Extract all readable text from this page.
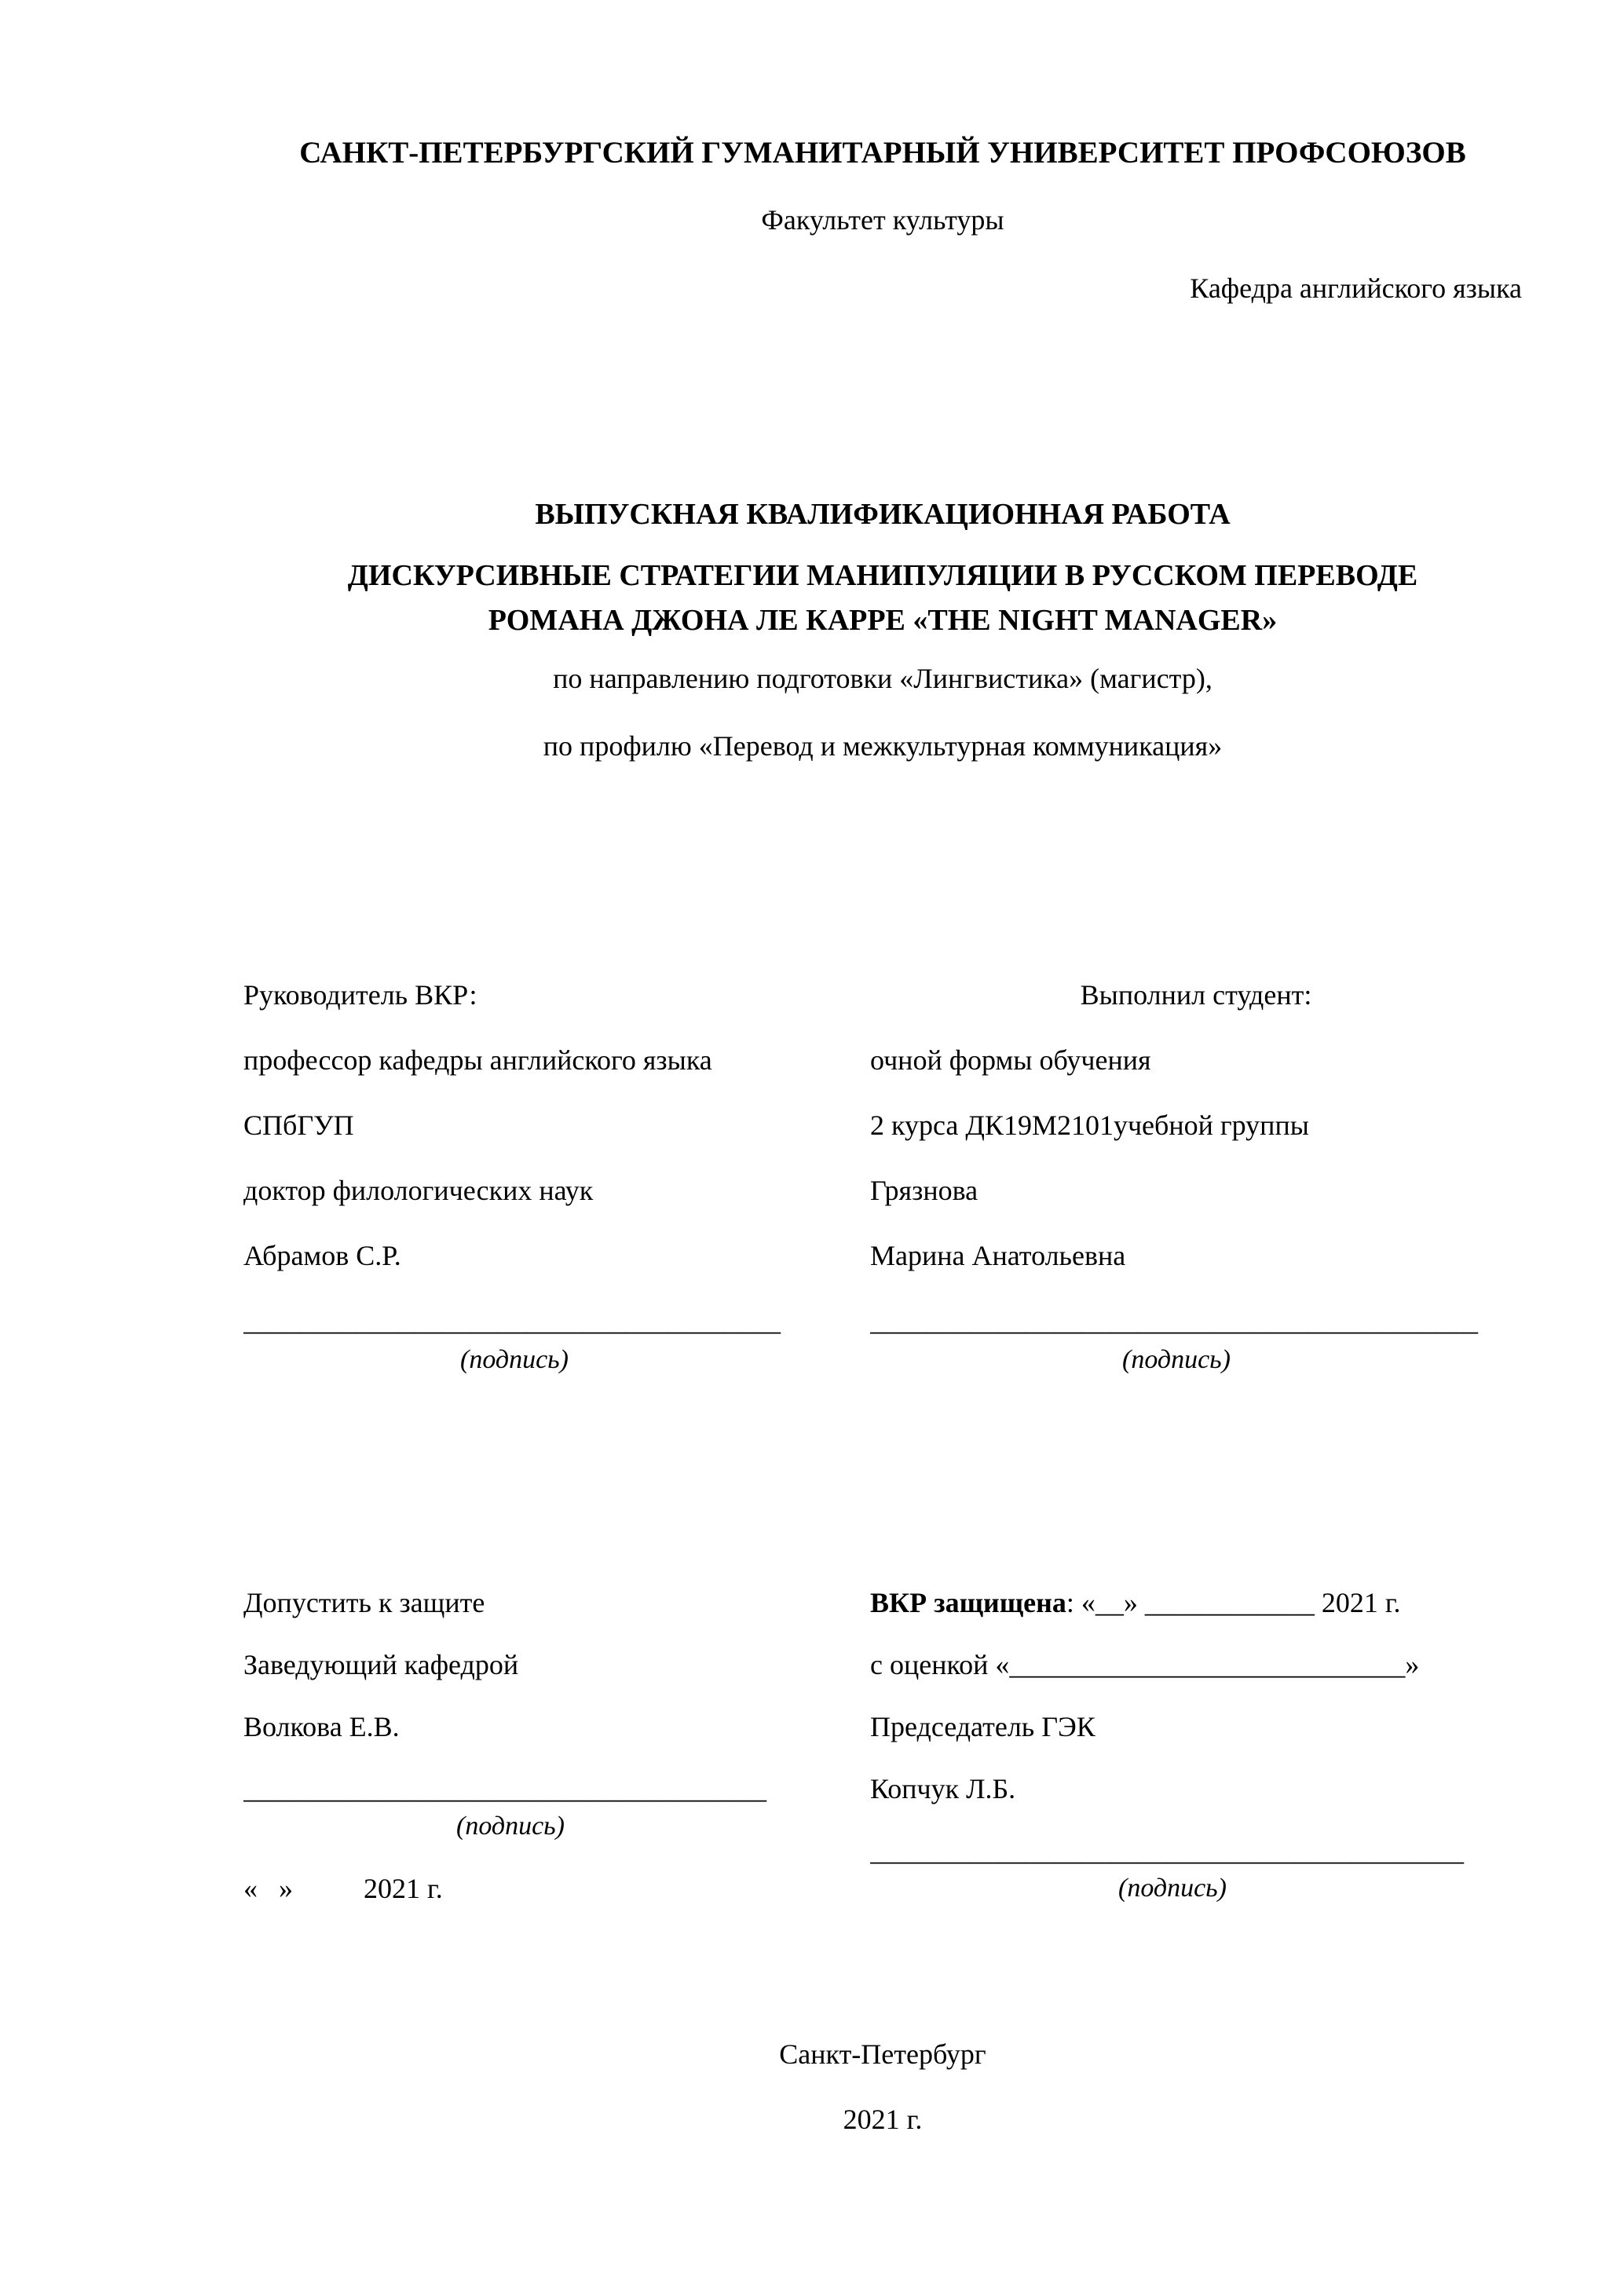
САНКТ-ПЕТЕРБУРГСКИЙ ГУМАНИТАРНЫЙ УНИВЕРСИТЕТ ПРОФСОЮЗОВ
Факультет культуры
Кафедра английского языка
ВЫПУСКНАЯ КВАЛИФИКАЦИОННАЯ РАБОТА
ДИСКУРСИВНЫЕ СТРАТЕГИИ МАНИПУЛЯЦИИ В РУССКОМ ПЕРЕВОДЕ
РОМАНА ДЖОНА ЛЕ КАРРЕ «THE NIGHT MANAGER»
по направлению подготовки «Лингвистика» (магистр),
по профилю «Перевод и межкультурная коммуникация»
Руководитель ВКР:
профессор кафедры английского языка СПбГУП
доктор филологических наук
Абрамов С.Р.
______________________________________
(подпись)
Выполнил студент:
очной формы обучения
2 курса ДК19М2101учебной группы
Грязнова
Марина Анатольевна
___________________________________________
(подпись)
Допустить к защите
Заведующий кафедрой
Волкова Е.В.
_____________________________________
(подпись)
«   »          2021 г.
ВКР защищена: «__» ____________ 2021 г.
с оценкой «____________________________»
Председатель ГЭК
Копчук Л.Б.
__________________________________________
(подпись)
Санкт-Петербург
2021 г.
